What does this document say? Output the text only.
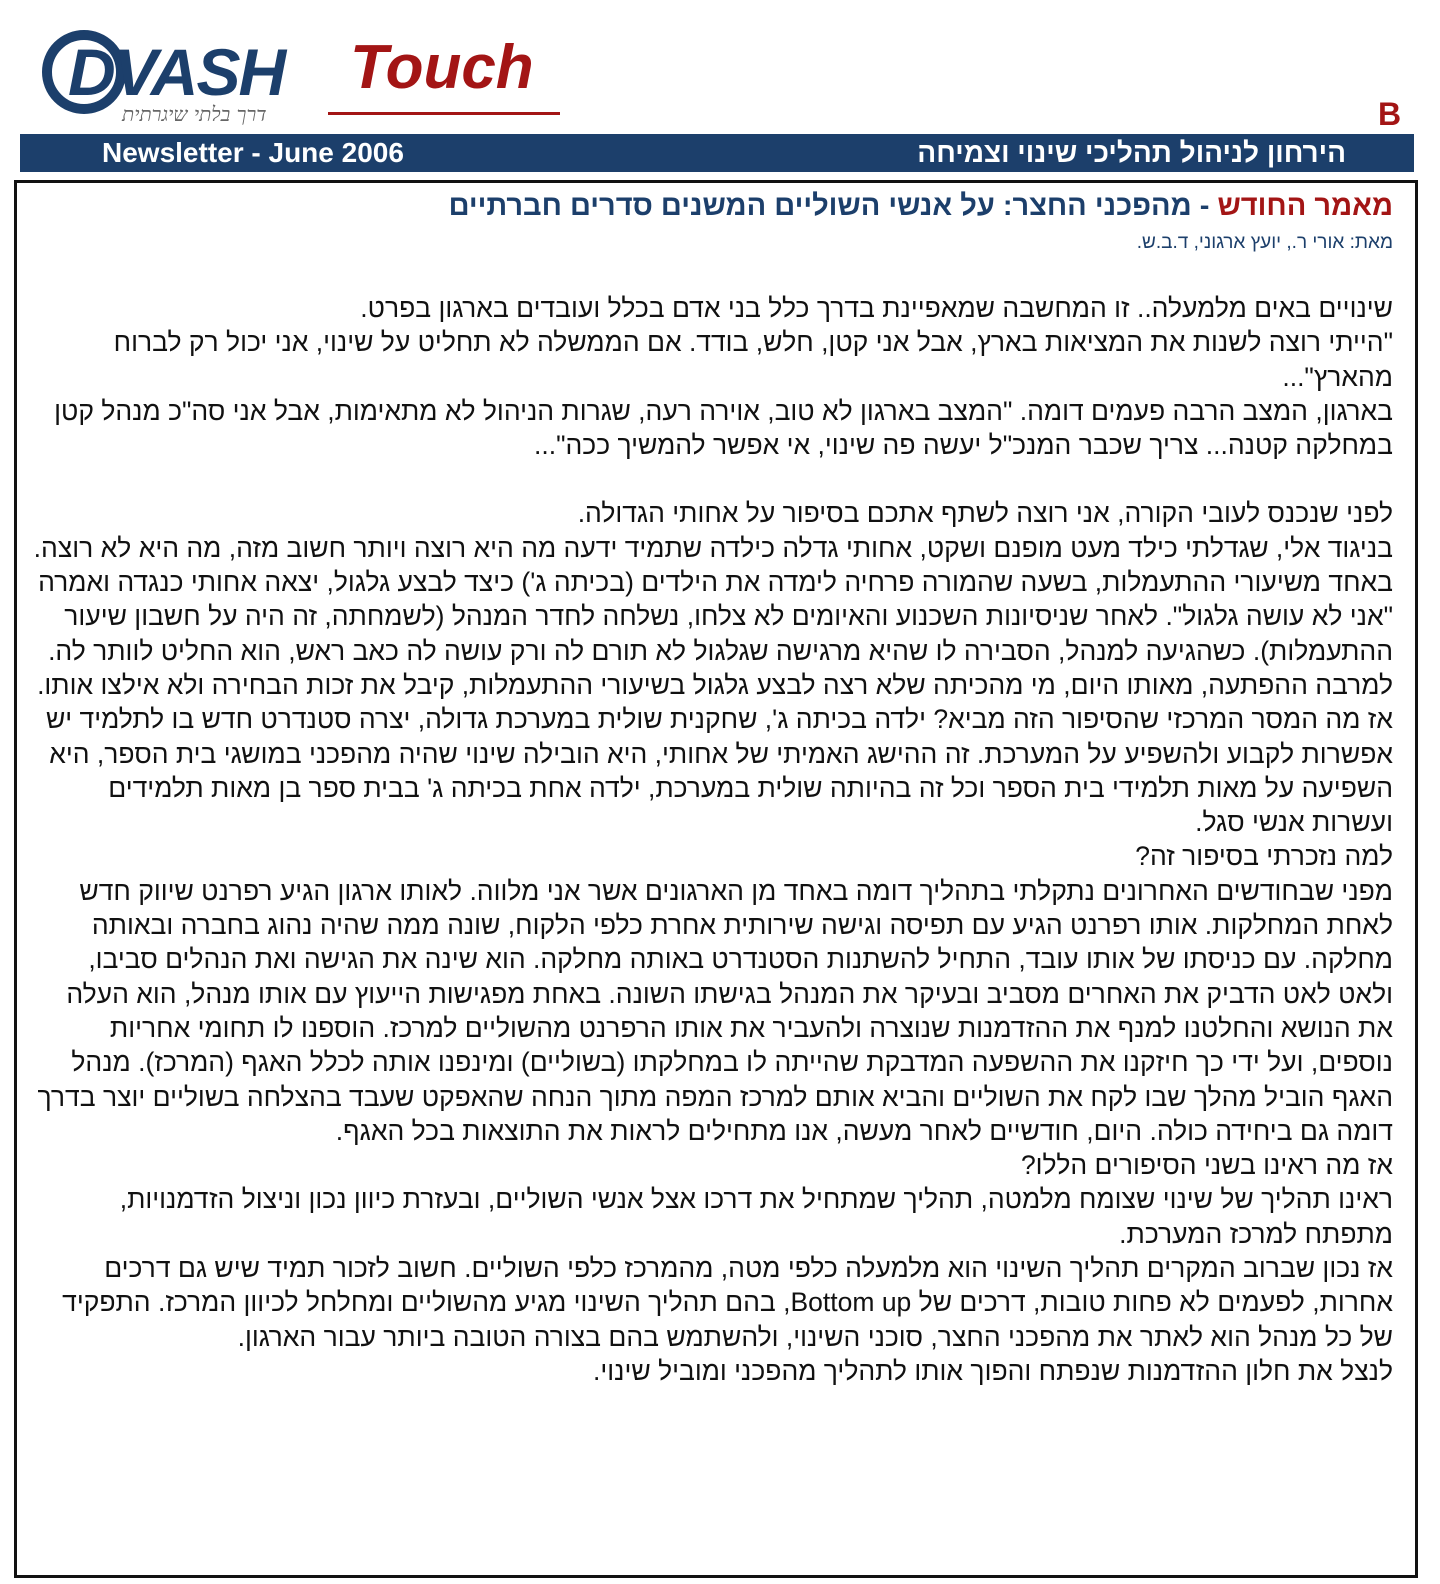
DVASH Touch
דרך בלתי שיגרתית	B
Newsletter - June 2006	הירחון לניהול תהליכי שינוי וצמיחה
מאמר החודש - מהפכני החצר: על אנשי השוליים המשנים סדרים חברתיים
מאת: אורי ר., יועץ ארגוני, ד.ב.ש.

שינויים באים מלמעלה.. זו המחשבה שמאפיינת בדרך כלל בני אדם בכלל ועובדים בארגון בפרט.

"הייתי רוצה לשנות את המציאות בארץ, אבל אני קטן, חלש, בודד. אם הממשלה לא תחליט על שינוי, אני יכול רק לברוח מהארץ"...

בארגון, המצב הרבה פעמים דומה. "המצב בארגון לא טוב, אוירה רעה, שגרות הניהול לא מתאימות, אבל אני סה"כ מנהל קטן במחלקה קטנה... צריך שכבר המנכ"ל יעשה פה שינוי, אי אפשר להמשיך ככה"...

לפני שנכנס לעובי הקורה, אני רוצה לשתף אתכם בסיפור על אחותי הגדולה.

בניגוד אלי, שגדלתי כילד מעט מופנם ושקט, אחותי גדלה כילדה שתמיד ידעה מה היא רוצה ויותר חשוב מזה, מה היא לא רוצה. באחד משיעורי ההתעמלות, בשעה שהמורה פרחיה לימדה את הילדים (בכיתה ג') כיצד לבצע גלגול, יצאה אחותי כנגדה ואמרה "אני לא עושה גלגול". לאחר שניסיונות השכנוע והאיומים לא צלחו, נשלחה לחדר המנהל (לשמחתה, זה היה על חשבון שיעור ההתעמלות). כשהגיעה למנהל, הסבירה לו שהיא מרגישה שגלגול לא תורם לה ורק עושה לה כאב ראש, הוא החליט לוותר לה.

למרבה ההפתעה, מאותו היום, מי מהכיתה שלא רצה לבצע גלגול בשיעורי ההתעמלות, קיבל את זכות הבחירה ולא אילצו אותו. אז מה המסר המרכזי שהסיפור הזה מביא? ילדה בכיתה ג', שחקנית שולית במערכת גדולה, יצרה סטנדרט חדש בו לתלמיד יש אפשרות לקבוע ולהשפיע על המערכת. זה ההישג האמיתי של אחותי, היא הובילה שינוי שהיה מהפכני במושגי בית הספר, היא השפיעה על מאות תלמידי בית הספר וכל זה בהיותה שולית במערכת, ילדה אחת בכיתה ג' בבית ספר בן מאות תלמידים ועשרות אנשי סגל.

למה נזכרתי בסיפור זה?

מפני שבחודשים האחרונים נתקלתי בתהליך דומה באחד מן הארגונים אשר אני מלווה. לאותו ארגון הגיע רפרנט שיווק חדש לאחת המחלקות. אותו רפרנט הגיע עם תפיסה וגישה שירותית אחרת כלפי הלקוח, שונה ממה שהיה נהוג בחברה ובאותה מחלקה. עם כניסתו של אותו עובד, התחיל להשתנות הסטנדרט באותה מחלקה. הוא שינה את הגישה ואת הנהלים סביבו, ולאט לאט הדביק את האחרים מסביב ובעיקר את המנהל בגישתו השונה. באחת מפגישות הייעוץ עם אותו מנהל, הוא העלה את הנושא והחלטנו למנף את ההזדמנות שנוצרה ולהעביר את אותו הרפרנט מהשוליים למרכז. הוספנו לו תחומי אחריות נוספים, ועל ידי כך חיזקנו את ההשפעה המדבקת שהייתה לו במחלקתו (בשוליים) ומינפנו אותה לכלל האגף (המרכז). מנהל האגף הוביל מהלך שבו לקח את השוליים והביא אותם למרכז המפה מתוך הנחה שהאפקט שעבד בהצלחה בשוליים יוצר בדרך דומה גם ביחידה כולה. היום, חודשיים לאחר מעשה, אנו מתחילים לראות את התוצאות בכל האגף.

אז מה ראינו בשני הסיפורים הללו?

ראינו תהליך של שינוי שצומח מלמטה, תהליך שמתחיל את דרכו אצל אנשי השוליים, ובעזרת כיוון נכון וניצול הזדמנויות, מתפתח למרכז המערכת.

אז נכון שברוב המקרים תהליך השינוי הוא מלמעלה כלפי מטה, מהמרכז כלפי השוליים. חשוב לזכור תמיד שיש גם דרכים אחרות, לפעמים לא פחות טובות, דרכים של Bottom up, בהם תהליך השינוי מגיע מהשוליים ומחלחל לכיוון המרכז. התפקיד של כל מנהל הוא לאתר את מהפכני החצר, סוכני השינוי, ולהשתמש בהם בצורה הטובה ביותר עבור הארגון.

לנצל את חלון ההזדמנות שנפתח והפוך אותו לתהליך מהפכני ומוביל שינוי.
